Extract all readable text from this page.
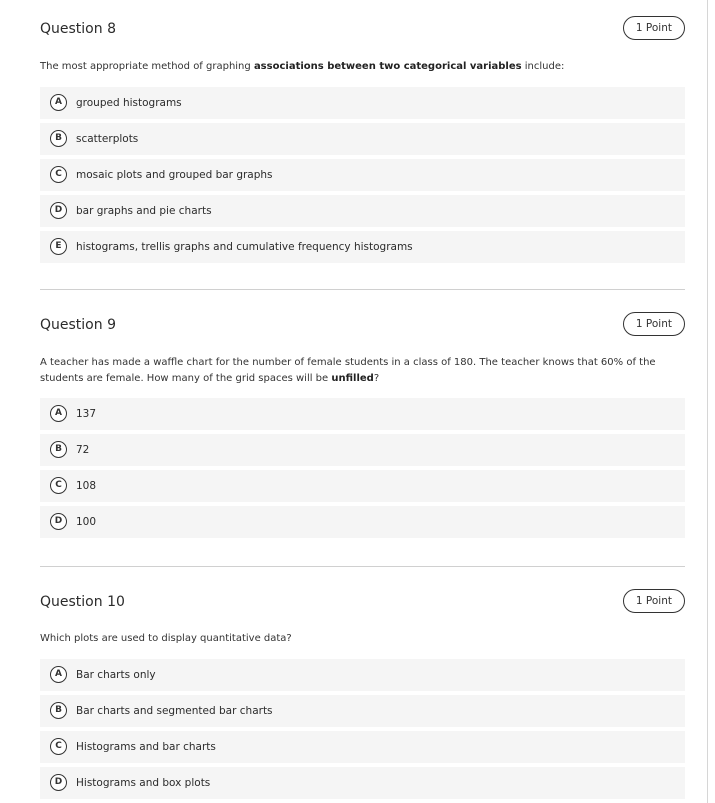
Question 8	1 Point

The most appropriate method of graphing associations between two categorical variables include:

A	grouped histograms
B	scatterplots
C	mosaic plots and grouped bar graphs
D	bar graphs and pie charts
E	histograms, trellis graphs and cumulative frequency histograms
Question 9	1 Point

A teacher has made a waffle chart for the number of female students in a class of 180. The teacher knows that 60% of the students are female. How many of the grid spaces will be unfilled?

A	137
B	72
C	108
D	100
Question 10	1 Point

Which plots are used to display quantitative data?

A	Bar charts only
B	Bar charts and segmented bar charts
C	Histograms and bar charts
D	Histograms and box plots
